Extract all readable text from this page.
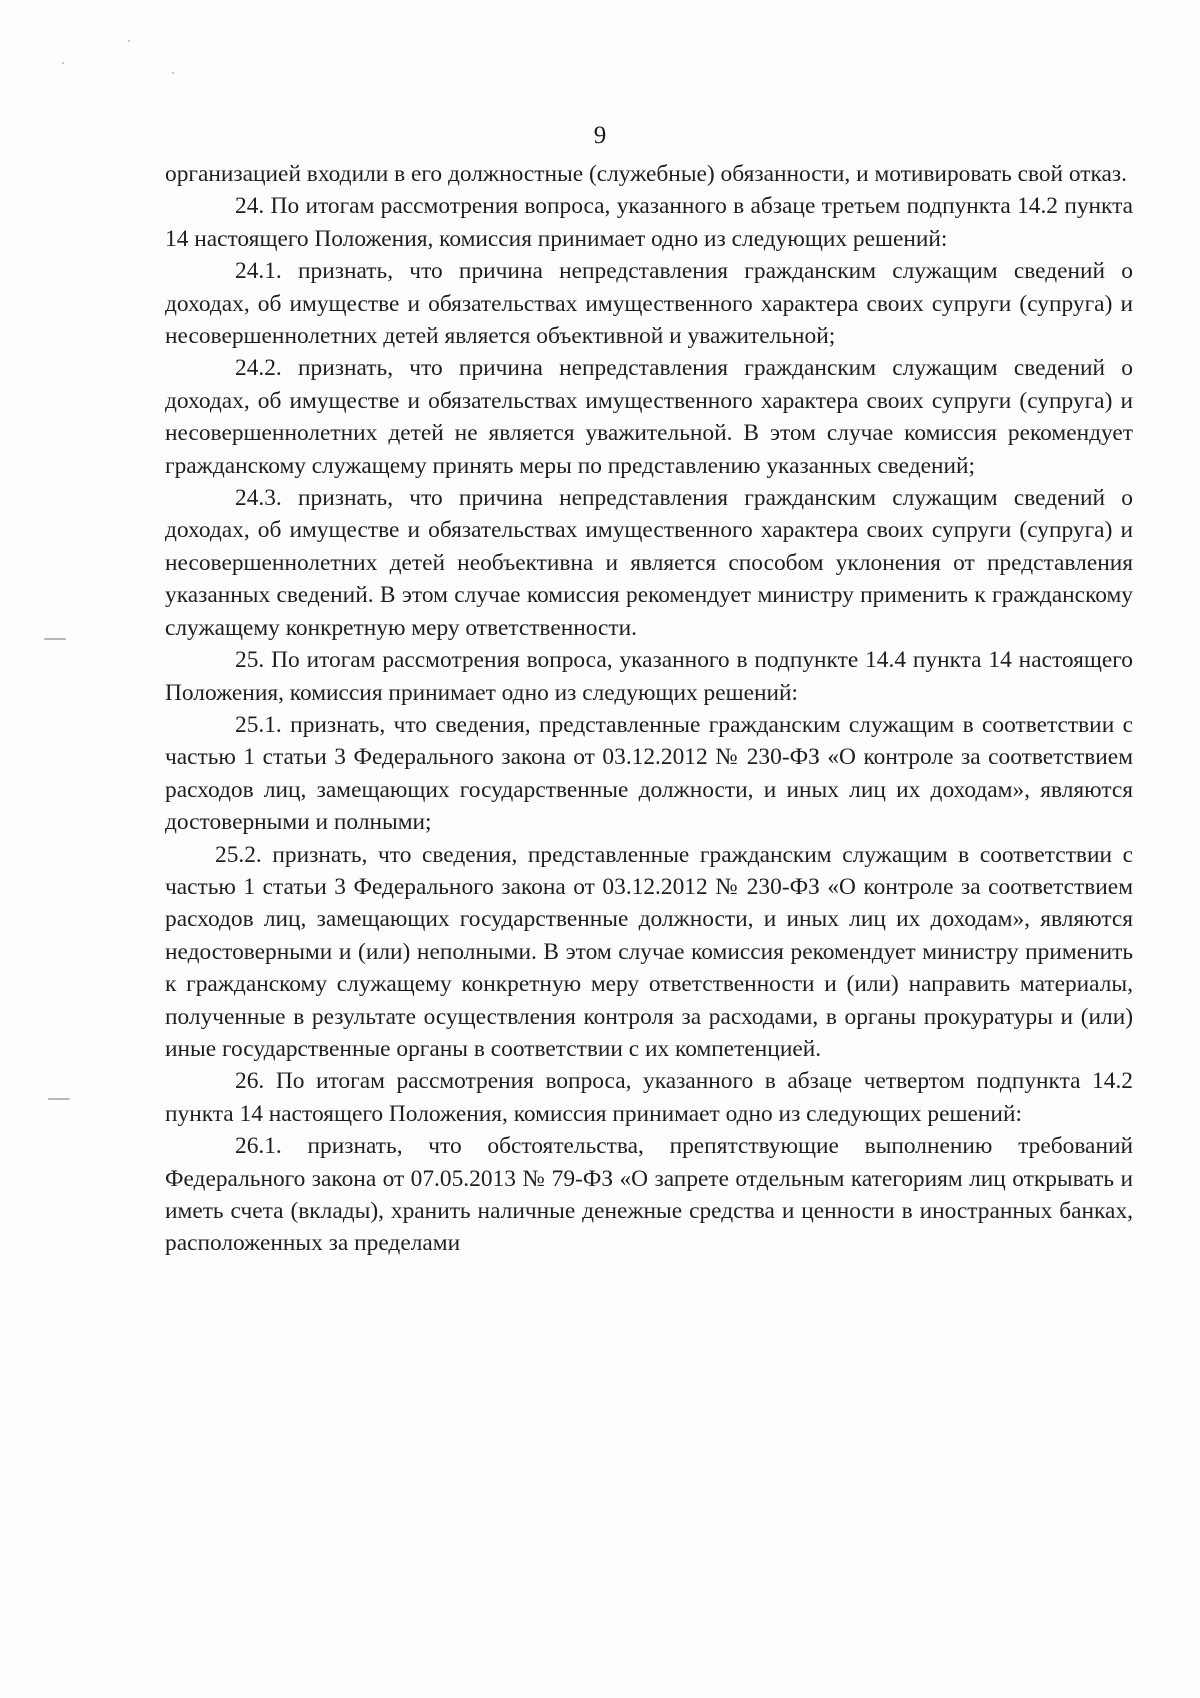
9

организацией входили в его должностные (служебные) обязанности, и мотивировать свой отказ.

24. По итогам рассмотрения вопроса, указанного в абзаце третьем подпункта 14.2 пункта 14 настоящего Положения, комиссия принимает одно из следующих решений:

24.1. признать, что причина непредставления гражданским служащим сведений о доходах, об имуществе и обязательствах имущественного характера своих супруги (супруга) и несовершеннолетних детей является объективной и уважительной;

24.2. признать, что причина непредставления гражданским служащим сведений о доходах, об имуществе и обязательствах имущественного характера своих супруги (супруга) и несовершеннолетних детей не является уважительной. В этом случае комиссия рекомендует гражданскому служащему принять меры по представлению указанных сведений;

24.3. признать, что причина непредставления гражданским служащим сведений о доходах, об имуществе и обязательствах имущественного характера своих супруги (супруга) и несовершеннолетних детей необъективна и является способом уклонения от представления указанных сведений. В этом случае комиссия рекомендует министру применить к гражданскому служащему конкретную меру ответственности.

25. По итогам рассмотрения вопроса, указанного в подпункте 14.4 пункта 14 настоящего Положения, комиссия принимает одно из следующих решений:

25.1. признать, что сведения, представленные гражданским служащим в соответствии с частью 1 статьи 3 Федерального закона от 03.12.2012 № 230-ФЗ «О контроле за соответствием расходов лиц, замещающих государственные должности, и иных лиц их доходам», являются достоверными и полными;

25.2. признать, что сведения, представленные гражданским служащим в соответствии с частью 1 статьи 3 Федерального закона от 03.12.2012 № 230-ФЗ «О контроле за соответствием расходов лиц, замещающих государственные должности, и иных лиц их доходам», являются недостоверными и (или) неполными. В этом случае комиссия рекомендует министру применить к гражданскому служащему конкретную меру ответственности и (или) направить материалы, полученные в результате осуществления контроля за расходами, в органы прокуратуры и (или) иные государственные органы в соответствии с их компетенцией.

26. По итогам рассмотрения вопроса, указанного в абзаце четвертом подпункта 14.2 пункта 14 настоящего Положения, комиссия принимает одно из следующих решений:

26.1. признать, что обстоятельства, препятствующие выполнению требований Федерального закона от 07.05.2013 № 79-ФЗ «О запрете отдельным категориям лиц открывать и иметь счета (вклады), хранить наличные денежные средства и ценности в иностранных банках, расположенных за пределами
